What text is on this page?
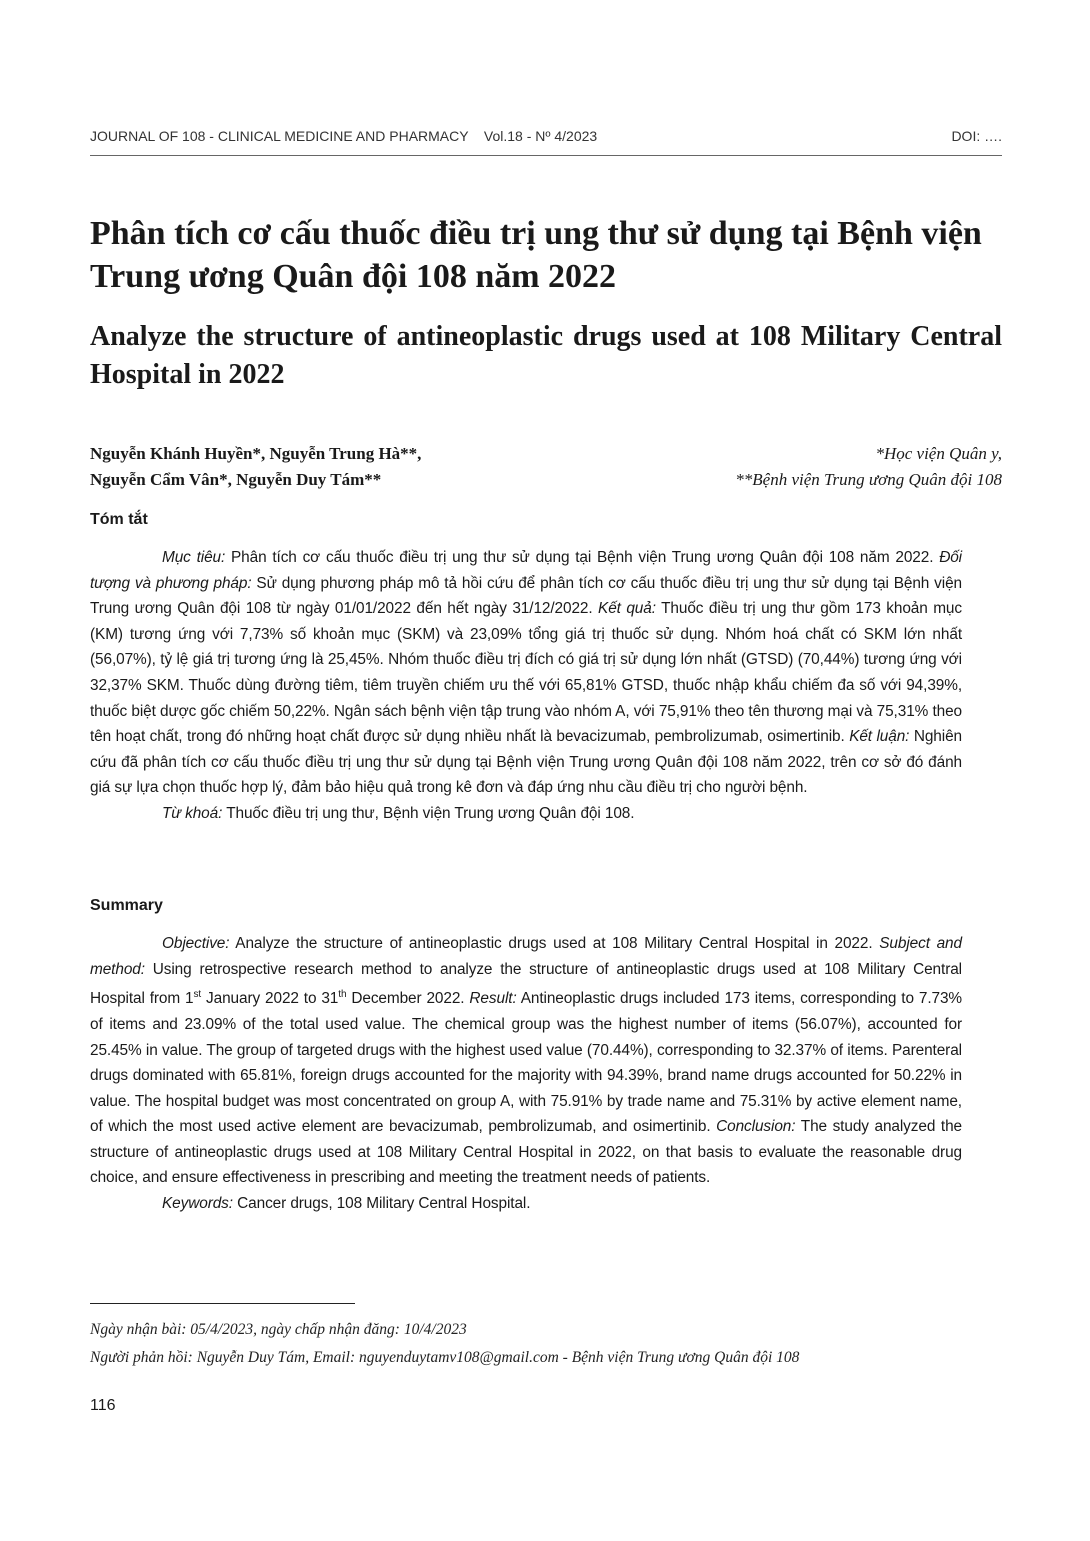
JOURNAL OF 108 - CLINICAL MEDICINE AND PHARMACY    Vol.18 - Nº 4/2023	DOI: ….
Phân tích cơ cấu thuốc điều trị ung thư sử dụng tại Bệnh viện Trung ương Quân đội 108 năm 2022
Analyze the structure of antineoplastic drugs used at 108 Military Central Hospital in 2022
Nguyễn Khánh Huyền*, Nguyễn Trung Hà**,
Nguyễn Cẩm Vân*, Nguyễn Duy Tám**
*Học viện Quân y,
**Bệnh viện Trung ương Quân đội 108
Tóm tắt

Mục tiêu: Phân tích cơ cấu thuốc điều trị ung thư sử dụng tại Bệnh viện Trung ương Quân đội 108 năm 2022. Đối tượng và phương pháp: Sử dụng phương pháp mô tả hồi cứu để phân tích cơ cấu thuốc điều trị ung thư sử dụng tại Bệnh viện Trung ương Quân đội 108 từ ngày 01/01/2022 đến hết ngày 31/12/2022. Kết quả: Thuốc điều trị ung thư gồm 173 khoản mục (KM) tương ứng với 7,73% số khoản mục (SKM) và 23,09% tổng giá trị thuốc sử dụng. Nhóm hoá chất có SKM lớn nhất (56,07%), tỷ lệ giá trị tương ứng là 25,45%. Nhóm thuốc điều trị đích có giá trị sử dụng lớn nhất (GTSD) (70,44%) tương ứng với 32,37% SKM. Thuốc dùng đường tiêm, tiêm truyền chiếm ưu thế với 65,81% GTSD, thuốc nhập khẩu chiếm đa số với 94,39%, thuốc biệt dược gốc chiếm 50,22%. Ngân sách bệnh viện tập trung vào nhóm A, với 75,91% theo tên thương mại và 75,31% theo tên hoạt chất, trong đó những hoạt chất được sử dụng nhiều nhất là bevacizumab, pembrolizumab, osimertinib. Kết luận: Nghiên cứu đã phân tích cơ cấu thuốc điều trị ung thư sử dụng tại Bệnh viện Trung ương Quân đội 108 năm 2022, trên cơ sở đó đánh giá sự lựa chọn thuốc hợp lý, đảm bảo hiệu quả trong kê đơn và đáp ứng nhu cầu điều trị cho người bệnh.

Từ khoá: Thuốc điều trị ung thư, Bệnh viện Trung ương Quân đội 108.

Summary

Objective: Analyze the structure of antineoplastic drugs used at 108 Military Central Hospital in 2022. Subject and method: Using retrospective research method to analyze the structure of antineoplastic drugs used at 108 Military Central Hospital from 1st January 2022 to 31th December 2022. Result: Antineoplastic drugs included 173 items, corresponding to 7.73% of items and 23.09% of the total used value. The chemical group was the highest number of items (56.07%), accounted for 25.45% in value. The group of targeted drugs with the highest used value (70.44%), corresponding to 32.37% of items. Parenteral drugs dominated with 65.81%, foreign drugs accounted for the majority with 94.39%, brand name drugs accounted for 50.22% in value. The hospital budget was most concentrated on group A, with 75.91% by trade name and 75.31% by active element name, of which the most used active element are bevacizumab, pembrolizumab, and osimertinib. Conclusion: The study analyzed the structure of antineoplastic drugs used at 108 Military Central Hospital in 2022, on that basis to evaluate the reasonable drug choice, and ensure effectiveness in prescribing and meeting the treatment needs of patients.

Keywords: Cancer drugs, 108 Military Central Hospital.

Ngày nhận bài: 05/4/2023, ngày chấp nhận đăng: 10/4/2023

Người phản hồi: Nguyễn Duy Tám, Email: nguyenduytamv108@gmail.com - Bệnh viện Trung ương Quân đội 108

116
